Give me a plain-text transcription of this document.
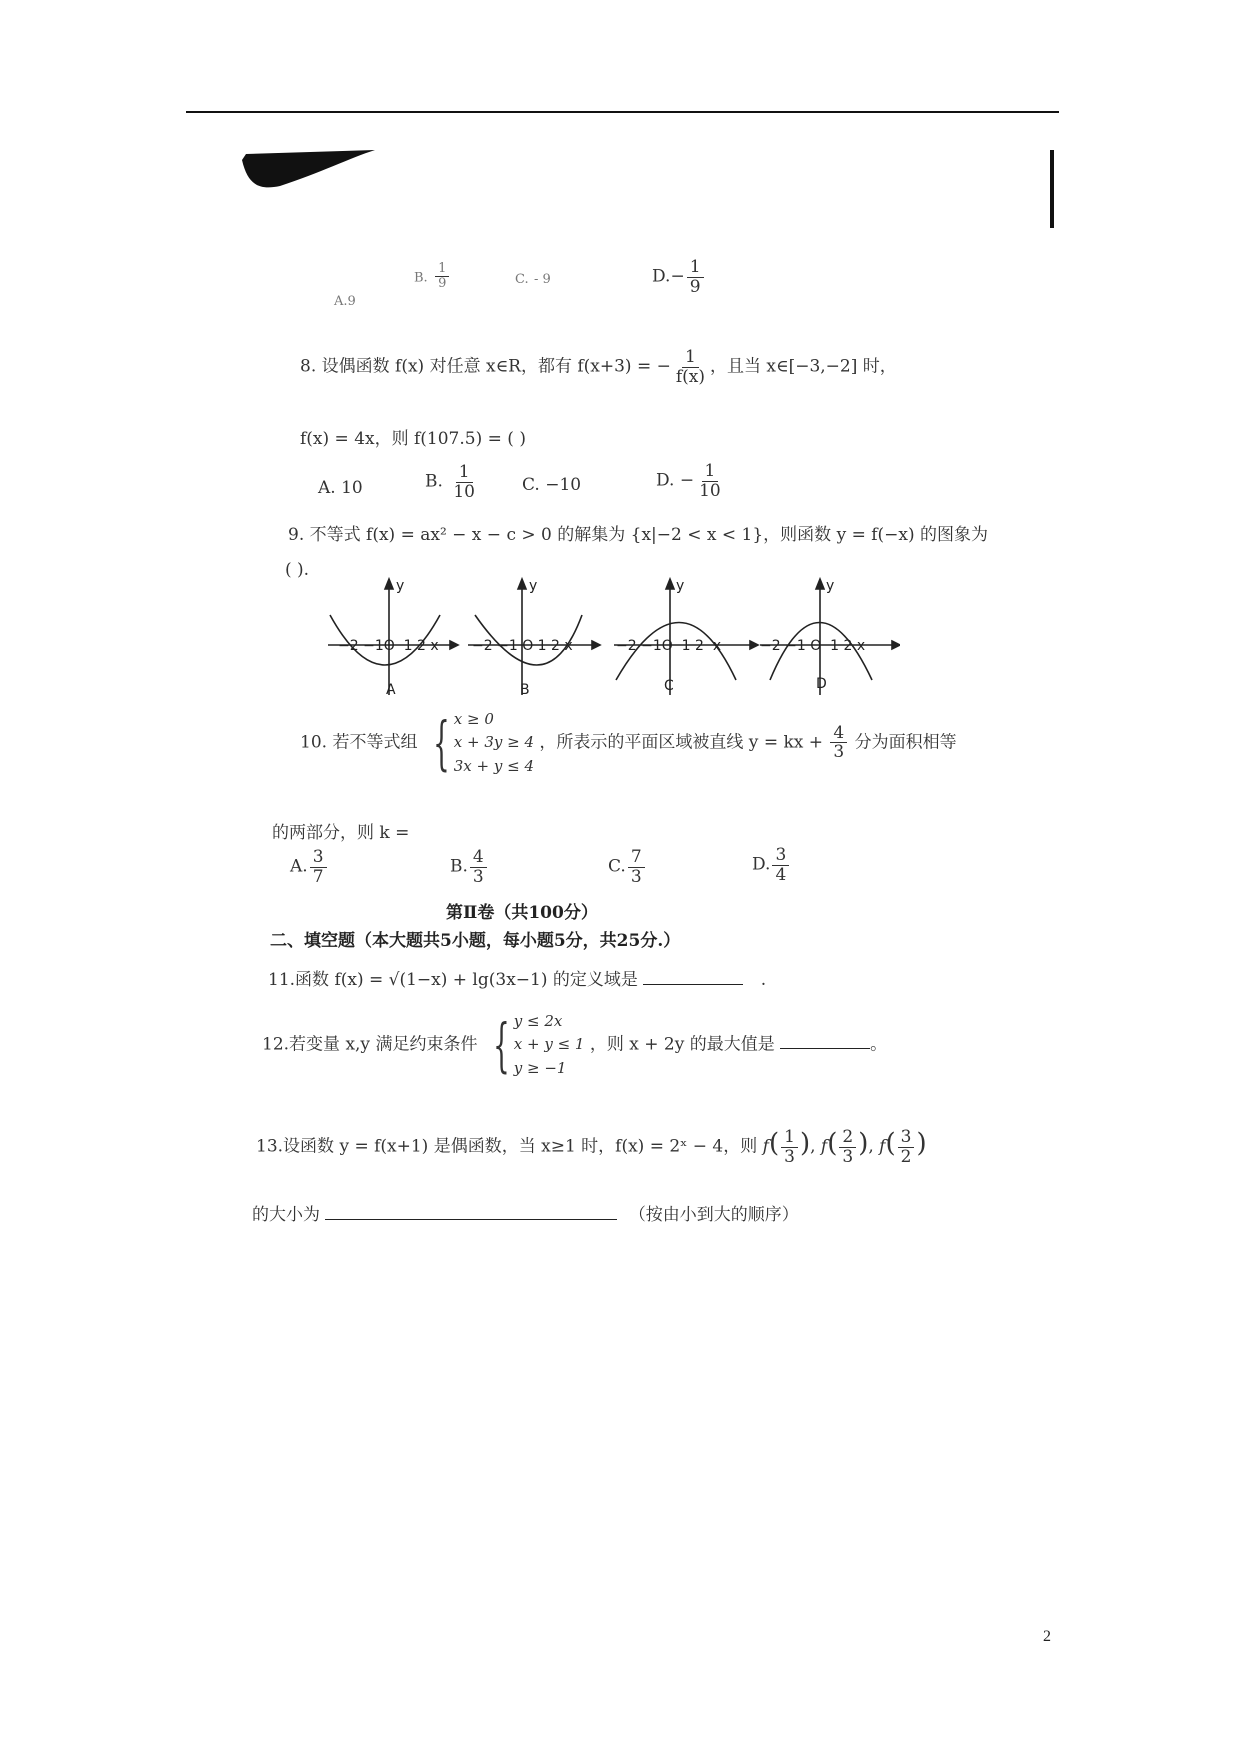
A.9
B. $\frac{1}{9}$	C. - 9	$D.- \frac{1}{9}$
8. 设偶函数 f(x) 对任意 x∈R，都有 f(x+3) = − $\frac{1}{f(x)}$ ，且当 x∈[−3,−2] 时，
f(x) = 4x，则 f(107.5) = ( )
A. 10	B. $\frac{1}{10}$	C. −10	D. − $\frac{1}{10}$
9. 不等式 f(x) = ax² − x − c > 0 的解集为 {x|−2 < x < 1}，则函数 y = f(−x) 的图象为
( ).
−2 −1O 1 2 x
y
A
−2 −1 O 1 2 x
y
B
−2 −1O 1 2 x
y
C
−2 −1 O 1 2 x
y
D
10. 若不等式组 { x ≥ 0
x + 3y ≥ 4
3x + y ≤ 4
，所表示的平面区域被直线 y = kx + $\frac{4}{3}$ 分为面积相等
的两部分，则 k =
A. $\frac{3}{7}$	B. $\frac{4}{3}$	C. $\frac{7}{3}$	D. $\frac{3}{4}$
第Ⅱ卷（共100分）
二、填空题（本大题共5小题，每小题5分，共25分.）
11.函数 f(x) = √(1−x) + lg(3x−1) 的定义域是	.
12.若变量 x,y 满足约束条件 { y ≤ 2x
x + y ≤ 1
y ≥ −1
，则 x + 2y 的最大值是	。
13.设函数 y = f(x+1) 是偶函数，当 x≥1 时，f(x) = 2ˣ − 4，则 $f( \frac{1}{3}$ ), $f( \frac{2}{3}$ ), $f( \frac{3}{2}$ )
的大小为	（按由小到大的顺序）
2
